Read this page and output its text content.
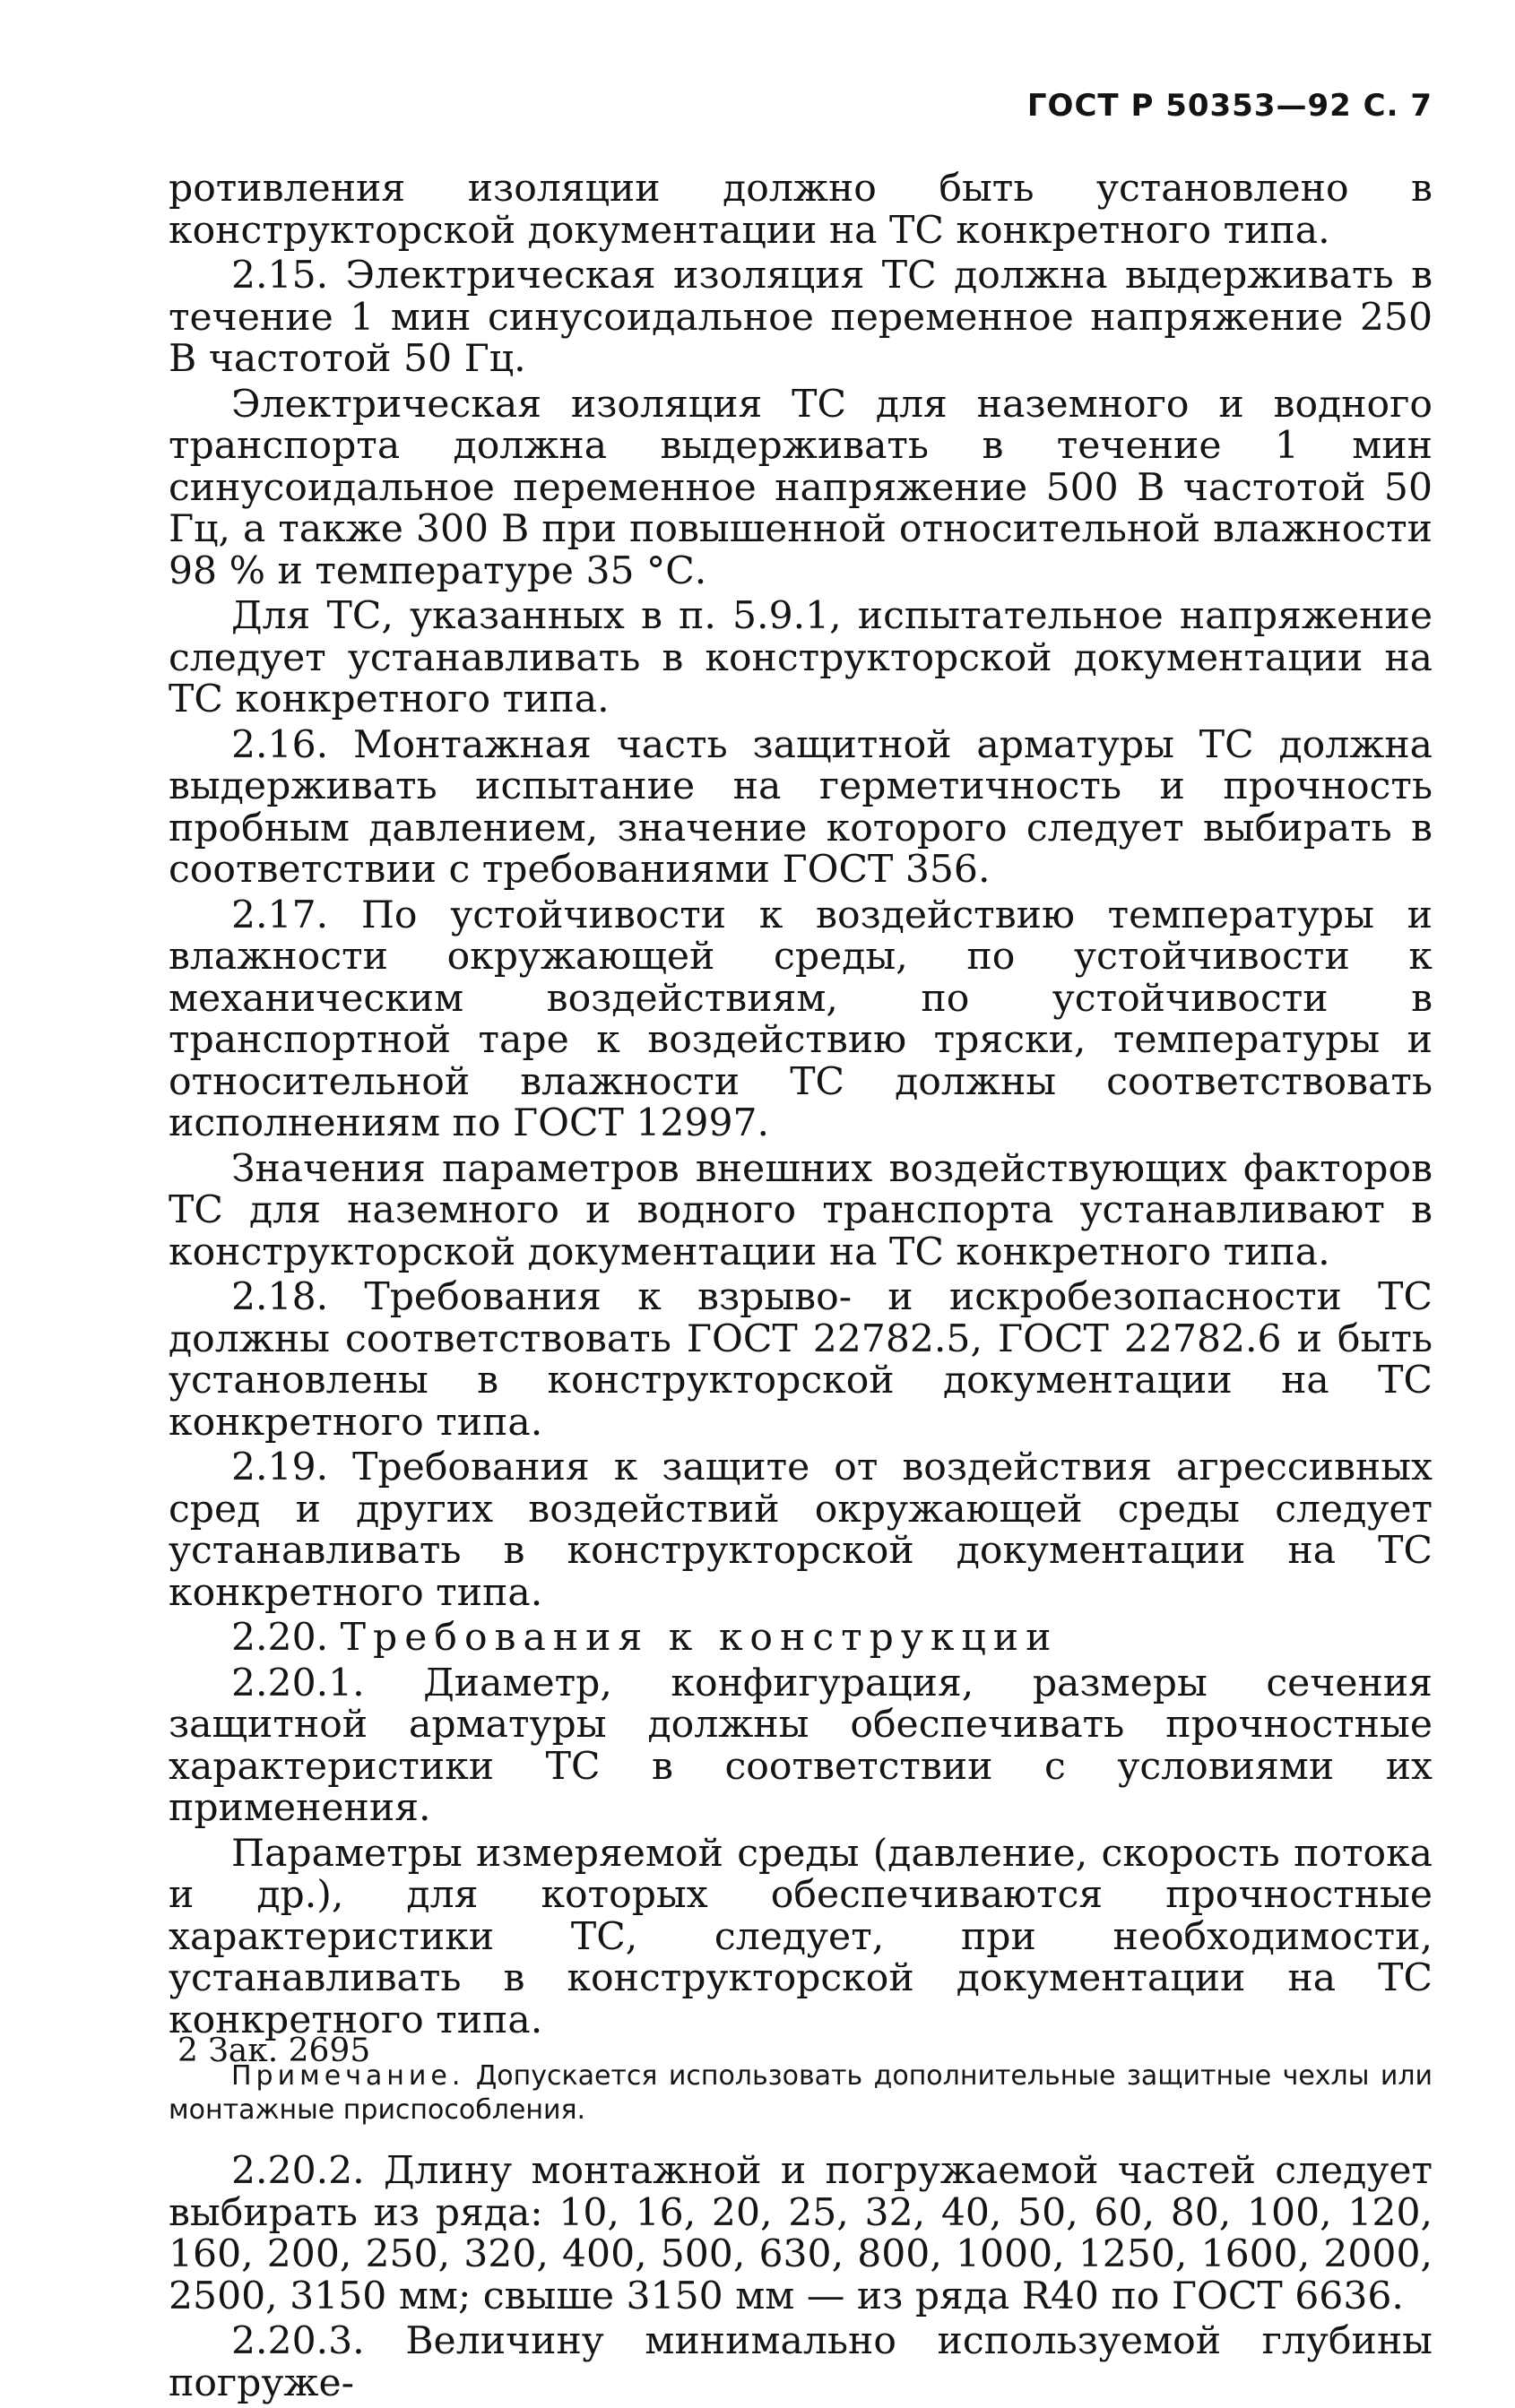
ГОСТ Р 50353—92 С. 7

ротивления изоляции должно быть установлено в конструкторской документации на ТС конкретного типа.

2.15. Электрическая изоляция ТС должна выдерживать в течение 1 мин синусоидальное переменное напряжение 250 В частотой 50 Гц.

Электрическая изоляция ТС для наземного и водного транспорта должна выдерживать в течение 1 мин синусоидальное переменное напряжение 500 В частотой 50 Гц, а также 300 В при повышенной относительной влажности 98 % и температуре 35 °С.

Для ТС, указанных в п. 5.9.1, испытательное напряжение следует устанавливать в конструкторской документации на ТС конкретного типа.

2.16. Монтажная часть защитной арматуры ТС должна выдерживать испытание на герметичность и прочность пробным давлением, значение которого следует выбирать в соответствии с требованиями ГОСТ 356.

2.17. По устойчивости к воздействию температуры и влажности окружающей среды, по устойчивости к механическим воздействиям, по устойчивости в транспортной таре к воздействию тряски, температуры и относительной влажности ТС должны соответствовать исполнениям по ГОСТ 12997.

Значения параметров внешних воздействующих факторов ТС для наземного и водного транспорта устанавливают в конструкторской документации на ТС конкретного типа.

2.18. Требования к взрыво- и искробезопасности ТС должны соответствовать ГОСТ 22782.5, ГОСТ 22782.6 и быть установлены в конструкторской документации на ТС конкретного типа.

2.19. Требования к защите от воздействия агрессивных сред и других воздействий окружающей среды следует устанавливать в конструкторской документации на ТС конкретного типа.

2.20. Требования к конструкции

2.20.1. Диаметр, конфигурация, размеры сечения защитной арматуры должны обеспечивать прочностные характеристики ТС в соответствии с условиями их применения.

Параметры измеряемой среды (давление, скорость потока и др.), для которых обеспечиваются прочностные характеристики ТС, следует, при необходимости, устанавливать в конструкторской документации на ТС конкретного типа.

Примечание. Допускается использовать дополнительные защитные чехлы или монтажные приспособления.

2.20.2. Длину монтажной и погружаемой частей следует выбирать из ряда: 10, 16, 20, 25, 32, 40, 50, 60, 80, 100, 120, 160, 200, 250, 320, 400, 500, 630, 800, 1000, 1250, 1600, 2000, 2500, 3150 мм; свыше 3150 мм — из ряда R40 по ГОСТ 6636.

2.20.3. Величину минимально используемой глубины погруже-

2 Зак. 2695
